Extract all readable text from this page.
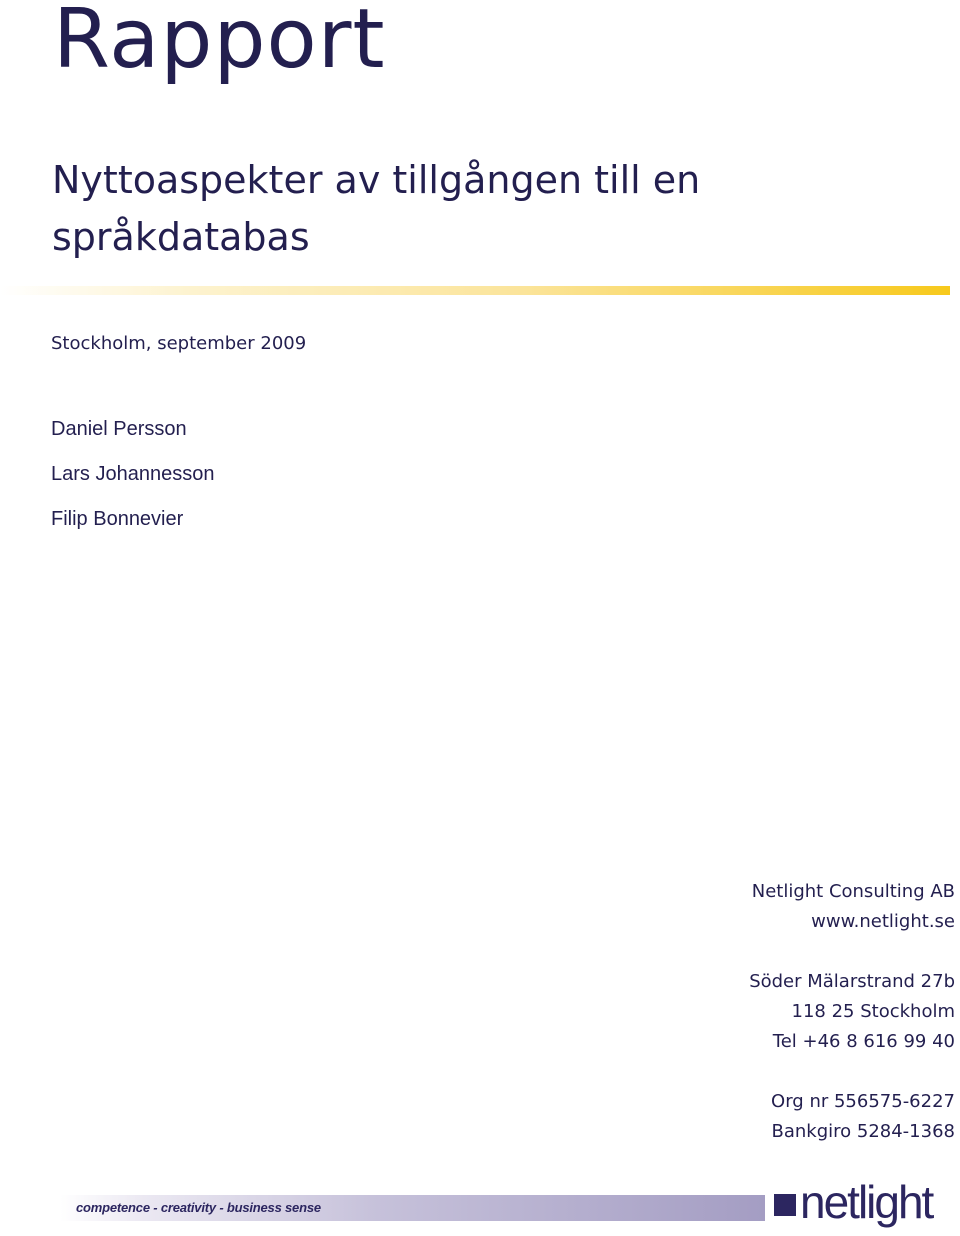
Rapport
Nyttoaspekter av tillgången till en språkdatabas
Stockholm, september 2009
Daniel Persson
Lars Johannesson
Filip Bonnevier
Netlight Consulting AB
www.netlight.se
Söder Mälarstrand 27b
118 25 Stockholm
Tel +46 8 616 99 40
Org nr 556575-6227
Bankgiro 5284-1368
competence - creativity - business sense	netlight
